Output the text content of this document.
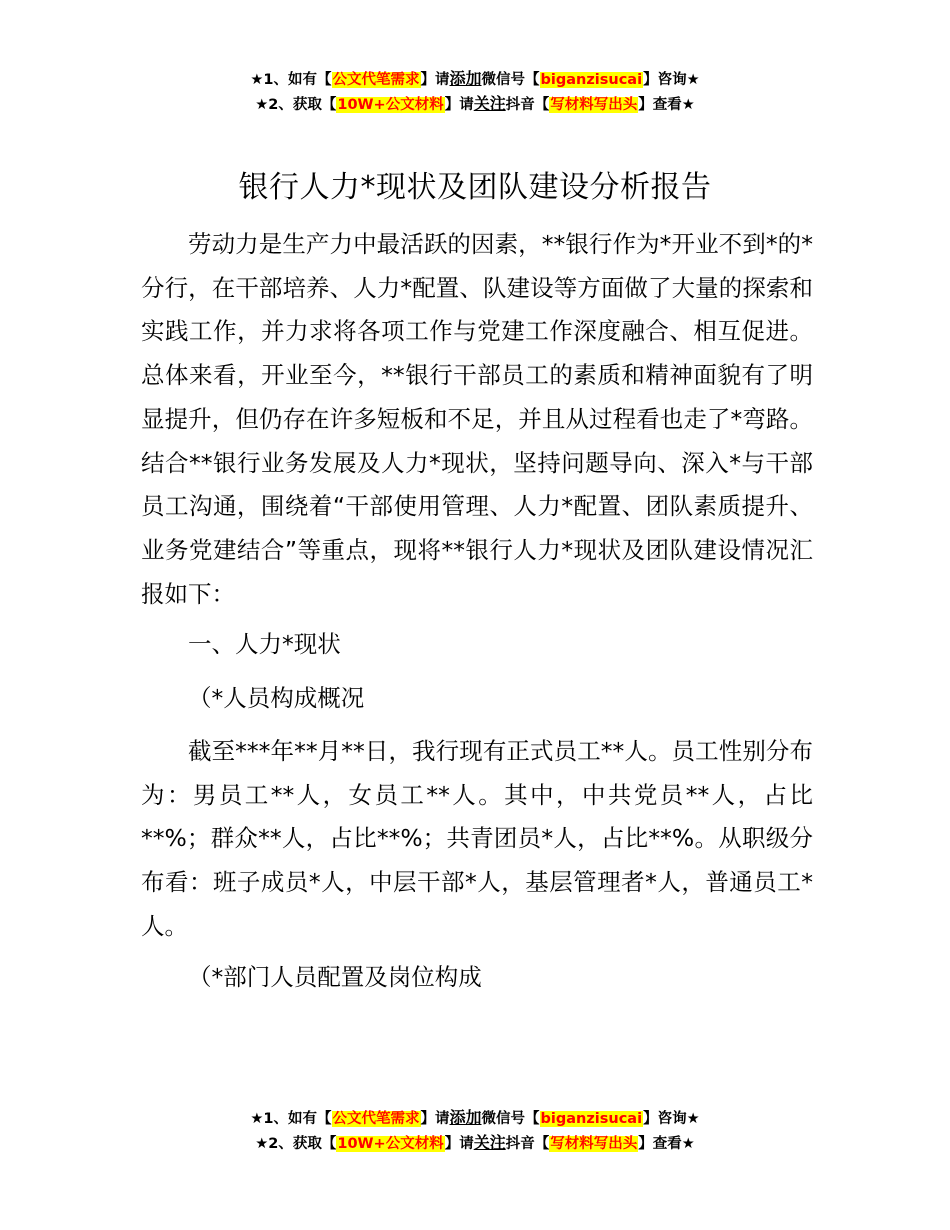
★1、如有【公文代笔需求】请添加微信号【biganzisucai】咨询★
★2、获取【10W+公文材料】请关注抖音【写材料写出头】查看★
银行人力*现状及团队建设分析报告
劳动力是生产力中最活跃的因素，**银行作为*开业不到*的*分行，在干部培养、人力*配置、队建设等方面做了大量的探索和实践工作，并力求将各项工作与党建工作深度融合、相互促进。总体来看，开业至今，**银行干部员工的素质和精神面貌有了明显提升，但仍存在许多短板和不足，并且从过程看也走了*弯路。结合**银行业务发展及人力*现状，坚持问题导向、深入*与干部员工沟通，围绕着“干部使用管理、人力*配置、团队素质提升、业务党建结合”等重点，现将**银行人力*现状及团队建设情况汇报如下：
一、人力*现状
（*人员构成概况
截至***年**月**日，我行现有正式员工**人。员工性别分布为：男员工**人，女员工**人。其中，中共党员**人，占比**%；群众**人，占比**%；共青团员*人，占比**%。从职级分布看：班子成员*人，中层干部*人，基层管理者*人，普通员工*人。
（*部门人员配置及岗位构成
★1、如有【公文代笔需求】请添加微信号【biganzisucai】咨询★
★2、获取【10W+公文材料】请关注抖音【写材料写出头】查看★
